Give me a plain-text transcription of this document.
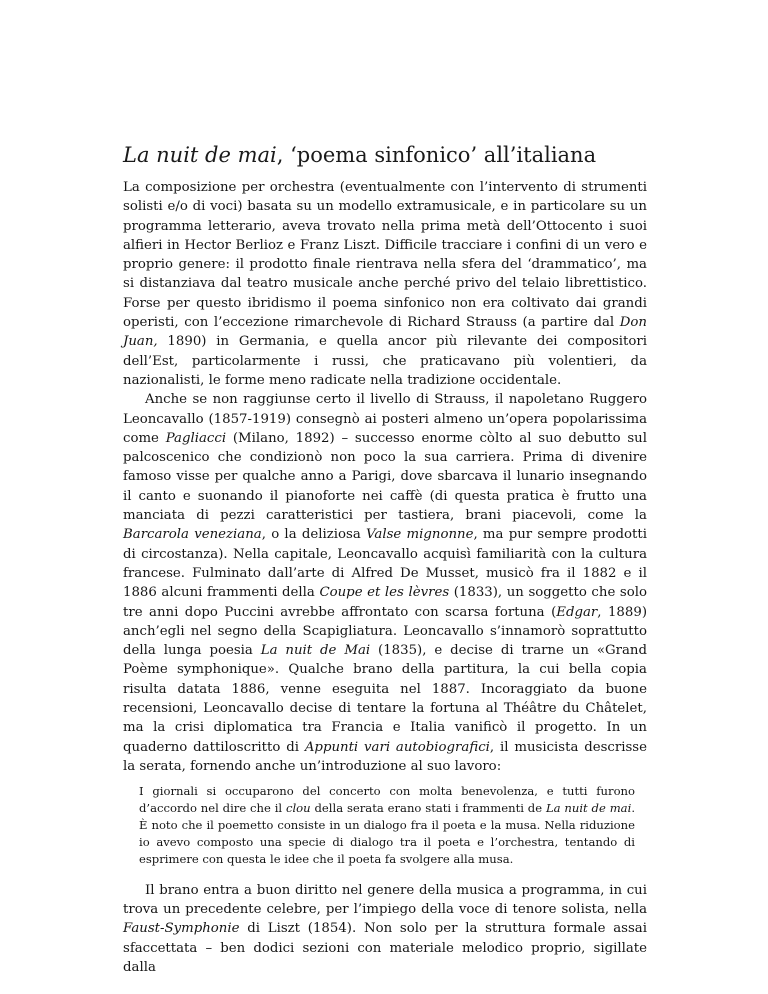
La nuit de mai, ‘poema sinfonico’ all’italiana

La composizione per orchestra (eventualmente con l’intervento di strumenti solisti e/o di voci) basata su un modello extramusicale, e in particolare su un programma letterario, aveva trovato nella prima metà dell’Ottocento i suoi alfieri in Hector Berlioz e Franz Liszt. Difficile tracciare i confini di un vero e proprio genere: il prodotto finale rientrava nella sfera del ‘drammatico’, ma si distanziava dal teatro musicale anche perché privo del telaio librettistico. Forse per questo ibridismo il poema sinfonico non era coltivato dai grandi operisti, con l’eccezione rimarchevole di Richard Strauss (a partire dal Don Juan, 1890) in Germania, e quella ancor più rilevante dei compositori dell’Est, particolarmente i russi, che praticavano più volentieri, da nazionalisti, le forme meno radicate nella tradizione occidentale.

Anche se non raggiunse certo il livello di Strauss, il napoletano Ruggero Leoncavallo (1857-1919) consegnò ai posteri almeno un’opera popolarissima come Pagliacci (Milano, 1892) – successo enorme còlto al suo debutto sul palcoscenico che condizionò non poco la sua carriera. Prima di divenire famoso visse per qualche anno a Parigi, dove sbarcava il lunario insegnando il canto e suonando il pianoforte nei caffè (di questa pratica è frutto una manciata di pezzi caratteristici per tastiera, brani piacevoli, come la Barcarola veneziana, o la deliziosa Valse mignonne, ma pur sempre prodotti di circostanza). Nella capitale, Leoncavallo acquisì familiarità con la cultura francese. Fulminato dall’arte di Alfred De Musset, musicò fra il 1882 e il 1886 alcuni frammenti della Coupe et les lèvres (1833), un soggetto che solo tre anni dopo Puccini avrebbe affrontato con scarsa fortuna (Edgar, 1889) anch’egli nel segno della Scapigliatura. Leoncavallo s’innamorò soprattutto della lunga poesia La nuit de Mai (1835), e decise di trarne un «Grand Poème symphonique». Qualche brano della partitura, la cui bella copia risulta datata 1886, venne eseguita nel 1887. Incoraggiato da buone recensioni, Leoncavallo decise di tentare la fortuna al Théâtre du Châtelet, ma la crisi diplomatica tra Francia e Italia vanificò il progetto. In un quaderno dattiloscritto di Appunti vari autobiografici, il musicista descrisse la serata, fornendo anche un’introduzione al suo lavoro:

I giornali si occuparono del concerto con molta benevolenza, e tutti furono d’accordo nel dire che il clou della serata erano stati i frammenti de La nuit de mai. È noto che il poemetto consiste in un dialogo fra il poeta e la musa. Nella riduzione io avevo composto una specie di dialogo tra il poeta e l’orchestra, tentando di esprimere con questa le idee che il poeta fa svolgere alla musa.

Il brano entra a buon diritto nel genere della musica a programma, in cui trova un precedente celebre, per l’impiego della voce di tenore solista, nella Faust-Symphonie di Liszt (1854). Non solo per la struttura formale assai sfaccettata – ben dodici sezioni con materiale melodico proprio, sigillate dalla
